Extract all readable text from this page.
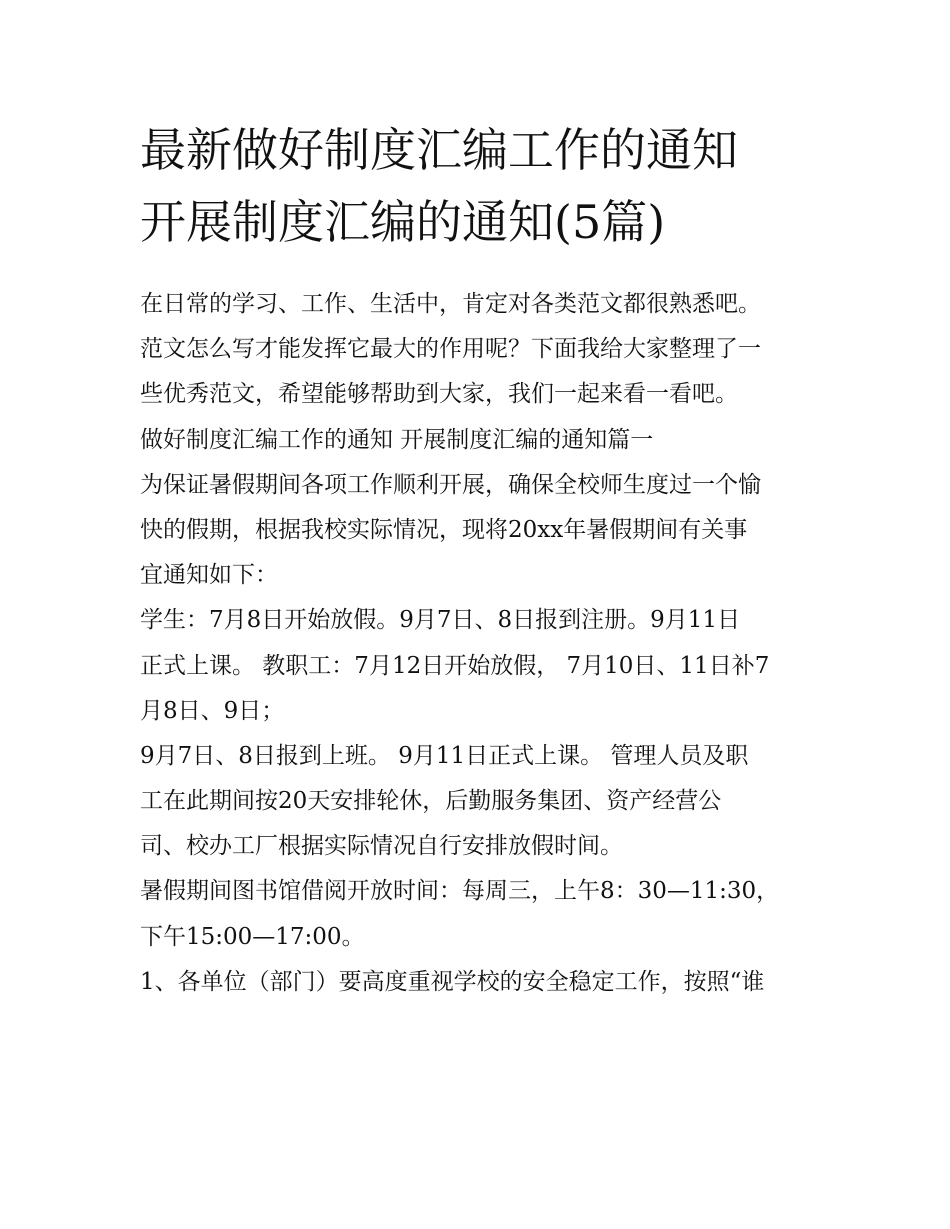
最新做好制度汇编工作的通知
开展制度汇编的通知(5篇)
在日常的学习、工作、生活中，肯定对各类范文都很熟悉吧。
范文怎么写才能发挥它最大的作用呢？下面我给大家整理了一
些优秀范文，希望能够帮助到大家，我们一起来看一看吧。
做好制度汇编工作的通知 开展制度汇编的通知篇一
为保证暑假期间各项工作顺利开展，确保全校师生度过一个愉
快的假期，根据我校实际情况，现将20xx年暑假期间有关事
宜通知如下：
学生：7月8日开始放假。9月7日、8日报到注册。9月11日
正式上课。 教职工：7月12日开始放假， 7月10日、11日补7
月8日、9日；
9月7日、8日报到上班。 9月11日正式上课。 管理人员及职
工在此期间按20天安排轮休，后勤服务集团、资产经营公
司、校办工厂根据实际情况自行安排放假时间。
暑假期间图书馆借阅开放时间：每周三，上午8：30—11:30，
下午15:00—17:00。
1、各单位（部门）要高度重视学校的安全稳定工作，按照“谁
